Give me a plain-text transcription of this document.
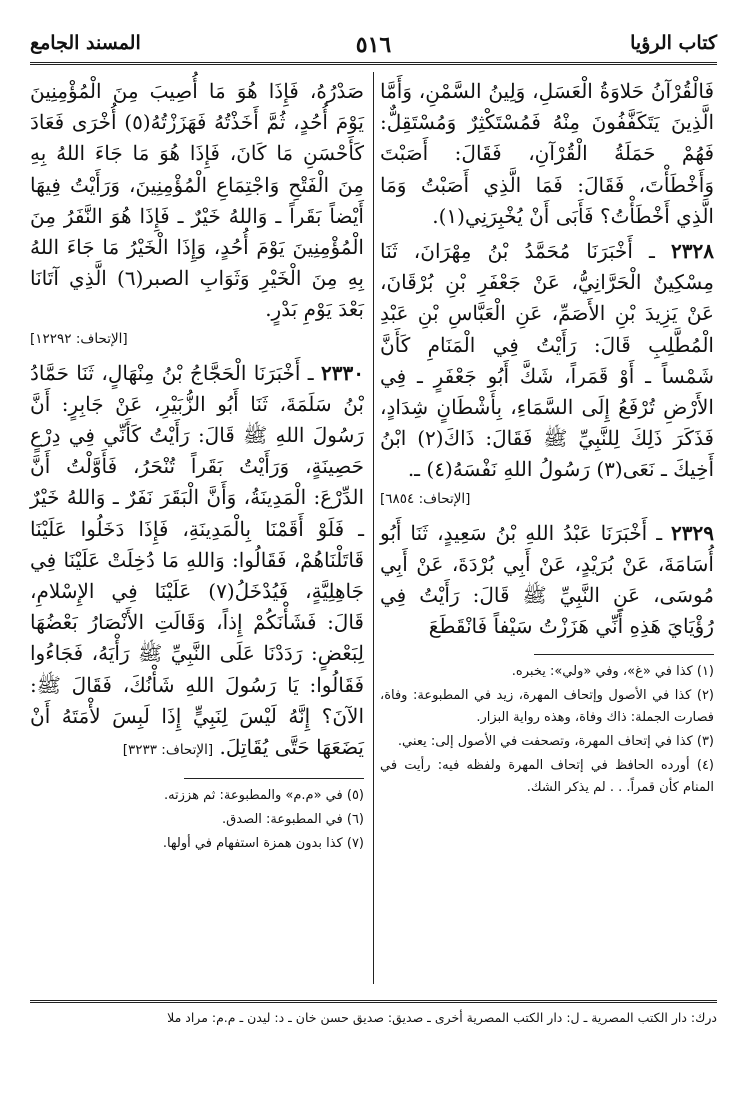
كتاب الرؤيا
٥١٦
المسند الجامع

فَالْقُرْآنُ حَلاوَةُ الْعَسَلِ، وَلِينُ السَّمْنِ، وَأَمَّا الَّذِينَ يَتَكَفَّفُونَ مِنْهُ فَمُسْتَكْثِرٌ وَمُسْتَقِلٌّ: فَهُمْ حَمَلَةُ الْقُرْآنِ، فَقَالَ: أَصَبْتَ وَأَخْطَأْتَ، فَقَالَ: فَمَا الَّذِي أَصَبْتُ وَمَا الَّذِي أَخْطَأْتُ؟ فَأَبَى أَنْ يُخْبِرَنِي(١).

٢٣٢٨ ـ أَخْبَرَنَا مُحَمَّدُ بْنُ مِهْرَانَ، ثَنَا مِسْكِينٌ الْحَرَّانِيُّ، عَنْ جَعْفَرِ بْنِ بُرْقَانَ، عَنْ يَزِيدَ بْنِ الأَصَمِّ، عَنِ الْعَبَّاسِ بْنِ عَبْدِ الْمُطَّلِبِ قَالَ: رَأَيْتُ فِي الْمَنَامِ كَأَنَّ شَمْساً ـ أَوْ قَمَراً، شَكَّ أَبُو جَعْفَرٍ ـ فِي الأَرْضِ تُرْفَعُ إِلَى السَّمَاءِ، بِأَشْطَانٍ شِدَادٍ، فَذَكَرَ ذَلِكَ لِلنَّبِيِّ ﷺ فَقَالَ: ذَاكَ(٢) ابْنُ أَخِيكَ ـ نَعَى(٣) رَسُولُ اللهِ نَفْسَهُ(٤) ـ.

[الإتحاف: ٦٨٥٤]

٢٣٢٩ ـ أَخْبَرَنَا عَبْدُ اللهِ بْنُ سَعِيدٍ، ثَنَا أَبُو أُسَامَةَ، عَنْ بُرَيْدٍ، عَنْ أَبِي بُرْدَةَ، عَنْ أَبِي مُوسَى، عَنِ النَّبِيِّ ﷺ قَالَ: رَأَيْتُ فِي رُؤْيَايَ هَذِهِ أَنِّي هَزَزْتُ سَيْفاً فَانْقَطَعَ

(١) كذا في «غ»، وفي «ولي»: يخبره.

(٢) كذا في الأصول وإتحاف المهرة، زيد في المطبوعة: وفاة، فصارت الجملة: ذاك وفاة، وهذه رواية البزار.

(٣) كذا في إتحاف المهرة، وتصحفت في الأصول إلى: يعني.

(٤) أورده الحافظ في إتحاف المهرة ولفظه فيه: رأيت في المنام كأن قمراً. . . لم يذكر الشك.

صَدْرُهُ، فَإِذَا هُوَ مَا أُصِيبَ مِنَ الْمُؤْمِنِينَ يَوْمَ أُحُدٍ، ثُمَّ أَخَذْتُهُ فَهَزَزْتُهُ(٥) أُخْرَى فَعَادَ كَأَحْسَنِ مَا كَانَ، فَإِذَا هُوَ مَا جَاءَ اللهُ بِهِ مِنَ الْفَتْحِ وَاجْتِمَاعِ الْمُؤْمِنِينَ، وَرَأَيْتُ فِيهَا أَيْضاً بَقَراً ـ وَاللهُ خَيْرٌ ـ فَإِذَا هُوَ النَّفَرُ مِنَ الْمُؤْمِنِينَ يَوْمَ أُحُدٍ، وَإِذَا الْخَيْرُ مَا جَاءَ اللهُ بِهِ مِنَ الْخَيْرِ وَثَوَابِ الصبر(٦) الَّذِي آتَانَا بَعْدَ يَوْمِ بَدْرٍ.

[الإتحاف: ١٢٢٩٢]

٢٣٣٠ ـ أَخْبَرَنَا الْحَجَّاجُ بْنُ مِنْهَالٍ، ثَنَا حَمَّادُ بْنُ سَلَمَةَ، ثَنَا أَبُو الزُّبَيْرِ، عَنْ جَابِرٍ: أَنَّ رَسُولَ اللهِ ﷺ قَالَ: رَأَيْتُ كَأَنِّي فِي دِرْعٍ حَصِينَةٍ، وَرَأَيْتُ بَقَراً تُنْحَرُ، فَأَوَّلْتُ أَنَّ الدِّرْعَ: الْمَدِينَةُ، وَأَنَّ الْبَقَرَ نَفَرٌ ـ وَاللهُ خَيْرٌ ـ فَلَوْ أَقَمْنَا بِالْمَدِينَةِ، فَإِذَا دَخَلُوا عَلَيْنَا قَاتَلْنَاهُمْ، فَقَالُوا: وَاللهِ مَا دُخِلَتْ عَلَيْنَا فِي جَاهِلِيَّةٍ، فَيُدْخَلُ(٧) عَلَيْنَا فِي الإِسْلامِ، قَالَ: فَشَأْنَكُمْ إِذاً، وَقَالَتِ الأَنْصَارُ بَعْضُهَا لِبَعْضٍ: رَدَدْنَا عَلَى النَّبِيِّ ﷺ رَأْيَهُ، فَجَاءُوا فَقَالُوا: يَا رَسُولَ اللهِ شَأْنُكَ، فَقَالَ ﷺ: الآنَ؟ إِنَّهُ لَيْسَ لِنَبِيٍّ إِذَا لَبِسَ لأْمَتَهُ أَنْ يَضَعَهَا حَتَّى يُقَاتِلَ. [الإتحاف: ٣٢٣٣]

(٥) في «م.م» والمطبوعة: ثم هززته.

(٦) في المطبوعة: الصدق.

(٧) كذا بدون همزة استفهام في أولها.

درك: دار الكتب المصرية ـ ل: دار الكتب المصرية أخرى ـ صديق: صديق حسن خان ـ د: ليدن ـ م.م: مراد ملا
